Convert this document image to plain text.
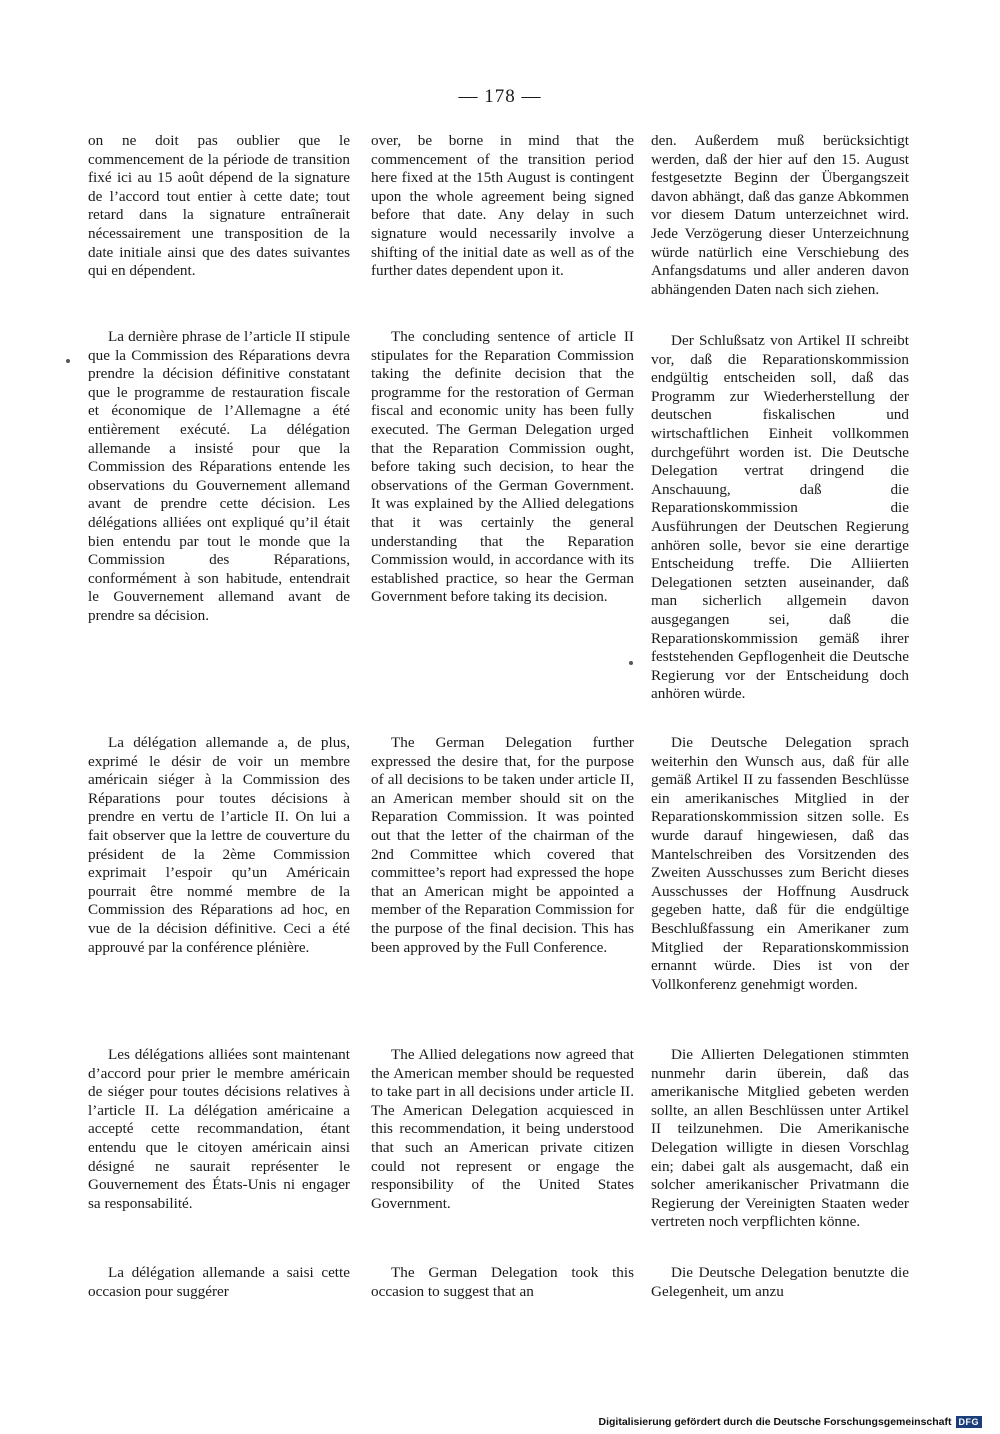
— 178 —

on ne doit pas oublier que le commencement de la période de transition fixé ici au 15 août dépend de la signature de l’accord tout entier à cette date; tout retard dans la signature entraînerait nécessairement une transposition de la date initiale ainsi que des dates suivantes qui en dépendent.

La dernière phrase de l’article II stipule que la Commission des Réparations devra prendre la décision définitive constatant que le programme de restauration fiscale et économique de l’Allemagne a été entièrement exécuté. La délégation allemande a insisté pour que la Commission des Réparations entende les observations du Gouvernement allemand avant de prendre cette décision. Les délégations alliées ont expliqué qu’il était bien entendu par tout le monde que la Commission des Réparations, conformément à son habitude, entendrait le Gouvernement allemand avant de prendre sa décision.

La délégation allemande a, de plus, exprimé le désir de voir un membre américain siéger à la Commission des Réparations pour toutes décisions à prendre en vertu de l’article II. On lui a fait observer que la lettre de couverture du président de la 2ème Commission exprimait l’espoir qu’un Américain pourrait être nommé membre de la Commission des Réparations ad hoc, en vue de la décision définitive. Ceci a été approuvé par la conférence plénière.

Les délégations alliées sont maintenant d’accord pour prier le membre américain de siéger pour toutes décisions relatives à l’article II. La délégation américaine a accepté cette recommandation, étant entendu que le citoyen américain ainsi désigné ne saurait représenter le Gouvernement des États-Unis ni engager sa responsabilité.

La délégation allemande a saisi cette occasion pour suggérer

over, be borne in mind that the commencement of the transition period here fixed at the 15th August is contingent upon the whole agreement being signed before that date. Any delay in such signature would necessarily involve a shifting of the initial date as well as of the further dates dependent upon it.

The concluding sentence of article II stipulates for the Reparation Commission taking the definite decision that the programme for the restoration of German fiscal and economic unity has been fully executed. The German Delegation urged that the Reparation Commission ought, before taking such decision, to hear the observations of the German Government. It was explained by the Allied delegations that it was certainly the general understanding that the Reparation Commission would, in accordance with its established practice, so hear the German Government before taking its decision.

The German Delegation further expressed the desire that, for the purpose of all decisions to be taken under article II, an American member should sit on the Reparation Commission. It was pointed out that the letter of the chairman of the 2nd Committee which covered that committee’s report had expressed the hope that an American might be appointed a member of the Reparation Commission for the purpose of the final decision. This has been approved by the Full Conference.

The Allied delegations now agreed that the American member should be requested to take part in all decisions under article II. The American Delegation acquiesced in this recommendation, it being understood that such an American private citizen could not represent or engage the responsibility of the United States Government.

The German Delegation took this occasion to suggest that an

den. Außerdem muß berücksichtigt werden, daß der hier auf den 15. August festgesetzte Beginn der Übergangszeit davon abhängt, daß das ganze Abkommen vor diesem Datum unterzeichnet wird. Jede Verzögerung dieser Unterzeichnung würde natürlich eine Verschiebung des Anfangsdatums und aller anderen davon abhängenden Daten nach sich ziehen.

Der Schlußsatz von Artikel II schreibt vor, daß die Reparationskommission endgültig entscheiden soll, daß das Programm zur Wiederherstellung der deutschen fiskalischen und wirtschaftlichen Einheit vollkommen durchgeführt worden ist. Die Deutsche Delegation vertrat dringend die Anschauung, daß die Reparationskommission die Ausführungen der Deutschen Regierung anhören solle, bevor sie eine derartige Entscheidung treffe. Die Alliierten Delegationen setzten auseinander, daß man sicherlich allgemein davon ausgegangen sei, daß die Reparationskommission gemäß ihrer feststehenden Gepflogenheit die Deutsche Regierung vor der Entscheidung doch anhören würde.

Die Deutsche Delegation sprach weiterhin den Wunsch aus, daß für alle gemäß Artikel II zu fassenden Beschlüsse ein amerikanisches Mitglied in der Reparationskommission sitzen solle. Es wurde darauf hingewiesen, daß das Mantelschreiben des Vorsitzenden des Zweiten Ausschusses zum Bericht dieses Ausschusses der Hoffnung Ausdruck gegeben hatte, daß für die endgültige Beschlußfassung ein Amerikaner zum Mitglied der Reparationskommission ernannt würde. Dies ist von der Vollkonferenz genehmigt worden.

Die Allierten Delegationen stimmten nunmehr darin überein, daß das amerikanische Mitglied gebeten werden sollte, an allen Beschlüssen unter Artikel II teilzunehmen. Die Amerikanische Delegation willigte in diesen Vorschlag ein; dabei galt als ausgemacht, daß ein solcher amerikanischer Privatmann die Regierung der Vereinigten Staaten weder vertreten noch verpflichten könne.

Die Deutsche Delegation benutzte die Gelegenheit, um anzu

Digitalisierung gefördert durch die Deutsche Forschungsgemeinschaft DFG
